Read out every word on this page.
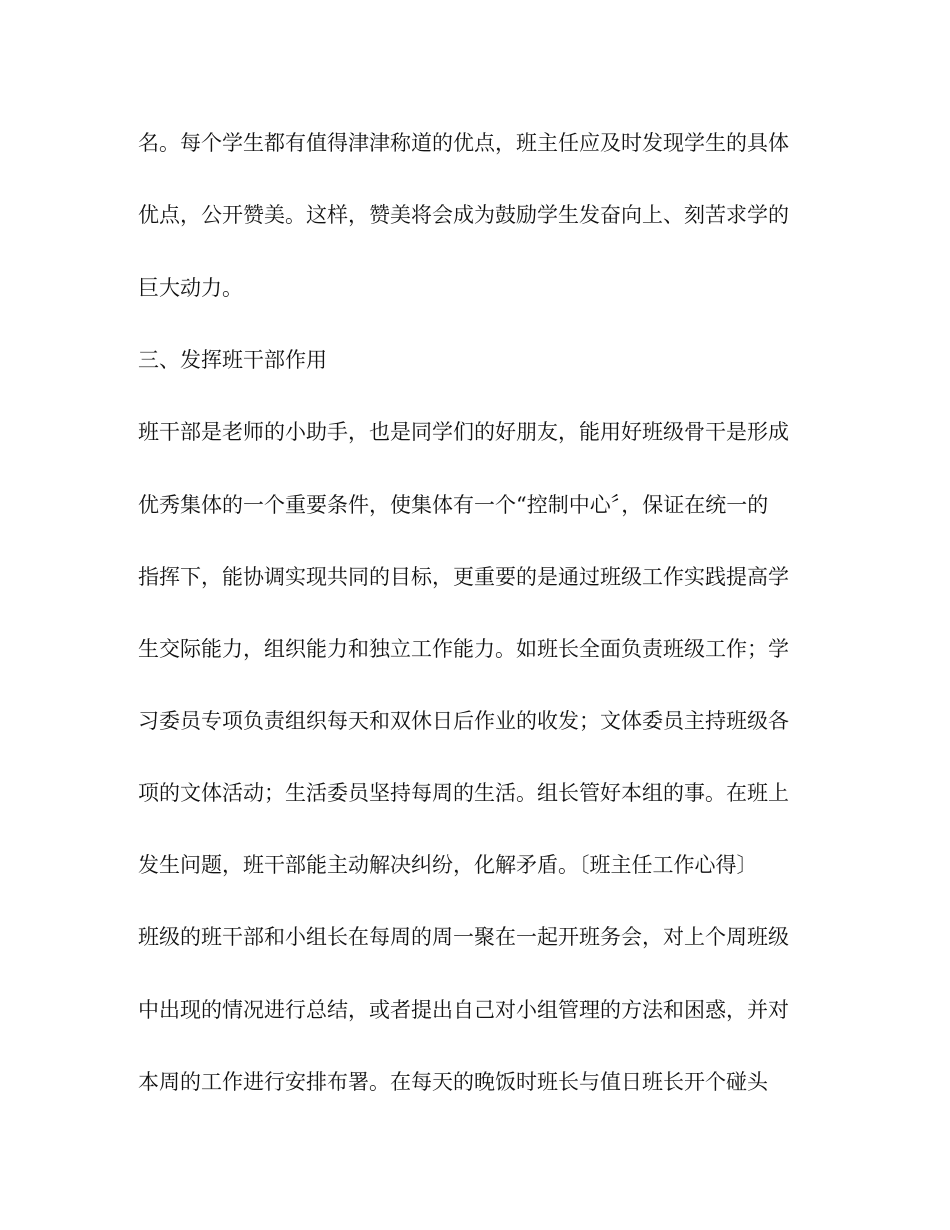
名。每个学生都有值得津津称道的优点，班主任应及时发现学生的具体

优点，公开赞美。这样，赞美将会成为鼓励学生发奋向上、刻苦求学的

巨大动力。

三、发挥班干部作用

班干部是老师的小助手，也是同学们的好朋友，能用好班级骨干是形成

优秀集体的一个重要条件，使集体有一个“控制中心〞，保证在统一的

指挥下，能协调实现共同的目标，更重要的是通过班级工作实践提高学

生交际能力，组织能力和独立工作能力。如班长全面负责班级工作；学

习委员专项负责组织每天和双休日后作业的收发；文体委员主持班级各

项的文体活动；生活委员坚持每周的生活。组长管好本组的事。在班上

发生问题，班干部能主动解决纠纷，化解矛盾。〔班主任工作心得〕

班级的班干部和小组长在每周的周一聚在一起开班务会，对上个周班级

中出现的情况进行总结，或者提出自己对小组管理的方法和困惑，并对

本周的工作进行安排布署。在每天的晚饭时班长与值日班长开个碰头
